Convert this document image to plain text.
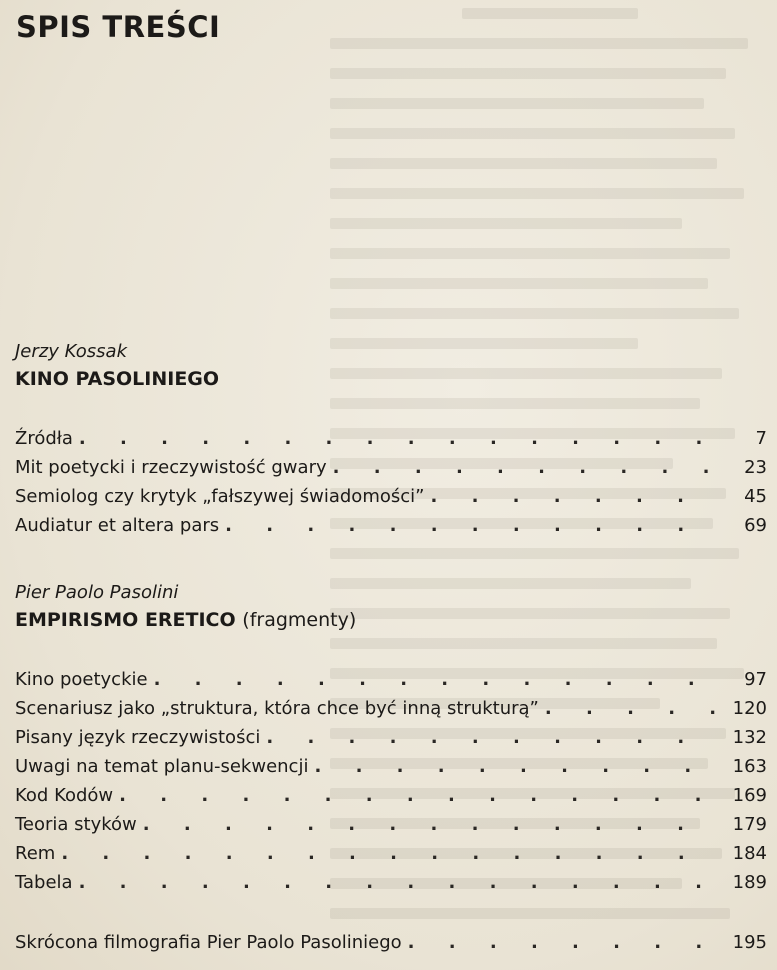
SPIS TREŚCI
Jerzy Kossak
KINO PASOLINIEGO
Źródła . . .	7
Mit poetycki i rzeczywistość gwary . . .	23
Semiolog czy krytyk „fałszywej świadomości” . . .	45
Audiatur et altera pars . . .	69
Pier Paolo Pasolini
EMPIRISMO ERETICO (fragmenty)
Kino poetyckie . . .	97
Scenariusz jako „struktura, która chce być inną strukturą” . . .	120
Pisany język rzeczywistości . . .	132
Uwagi na temat planu-sekwencji . . .	163
Kod Kodów . . .	169
Teoria styków . . .	179
Rem . . .	184
Tabela . . .	189
Skrócona filmografia Pier Paolo Pasoliniego . . .	195
